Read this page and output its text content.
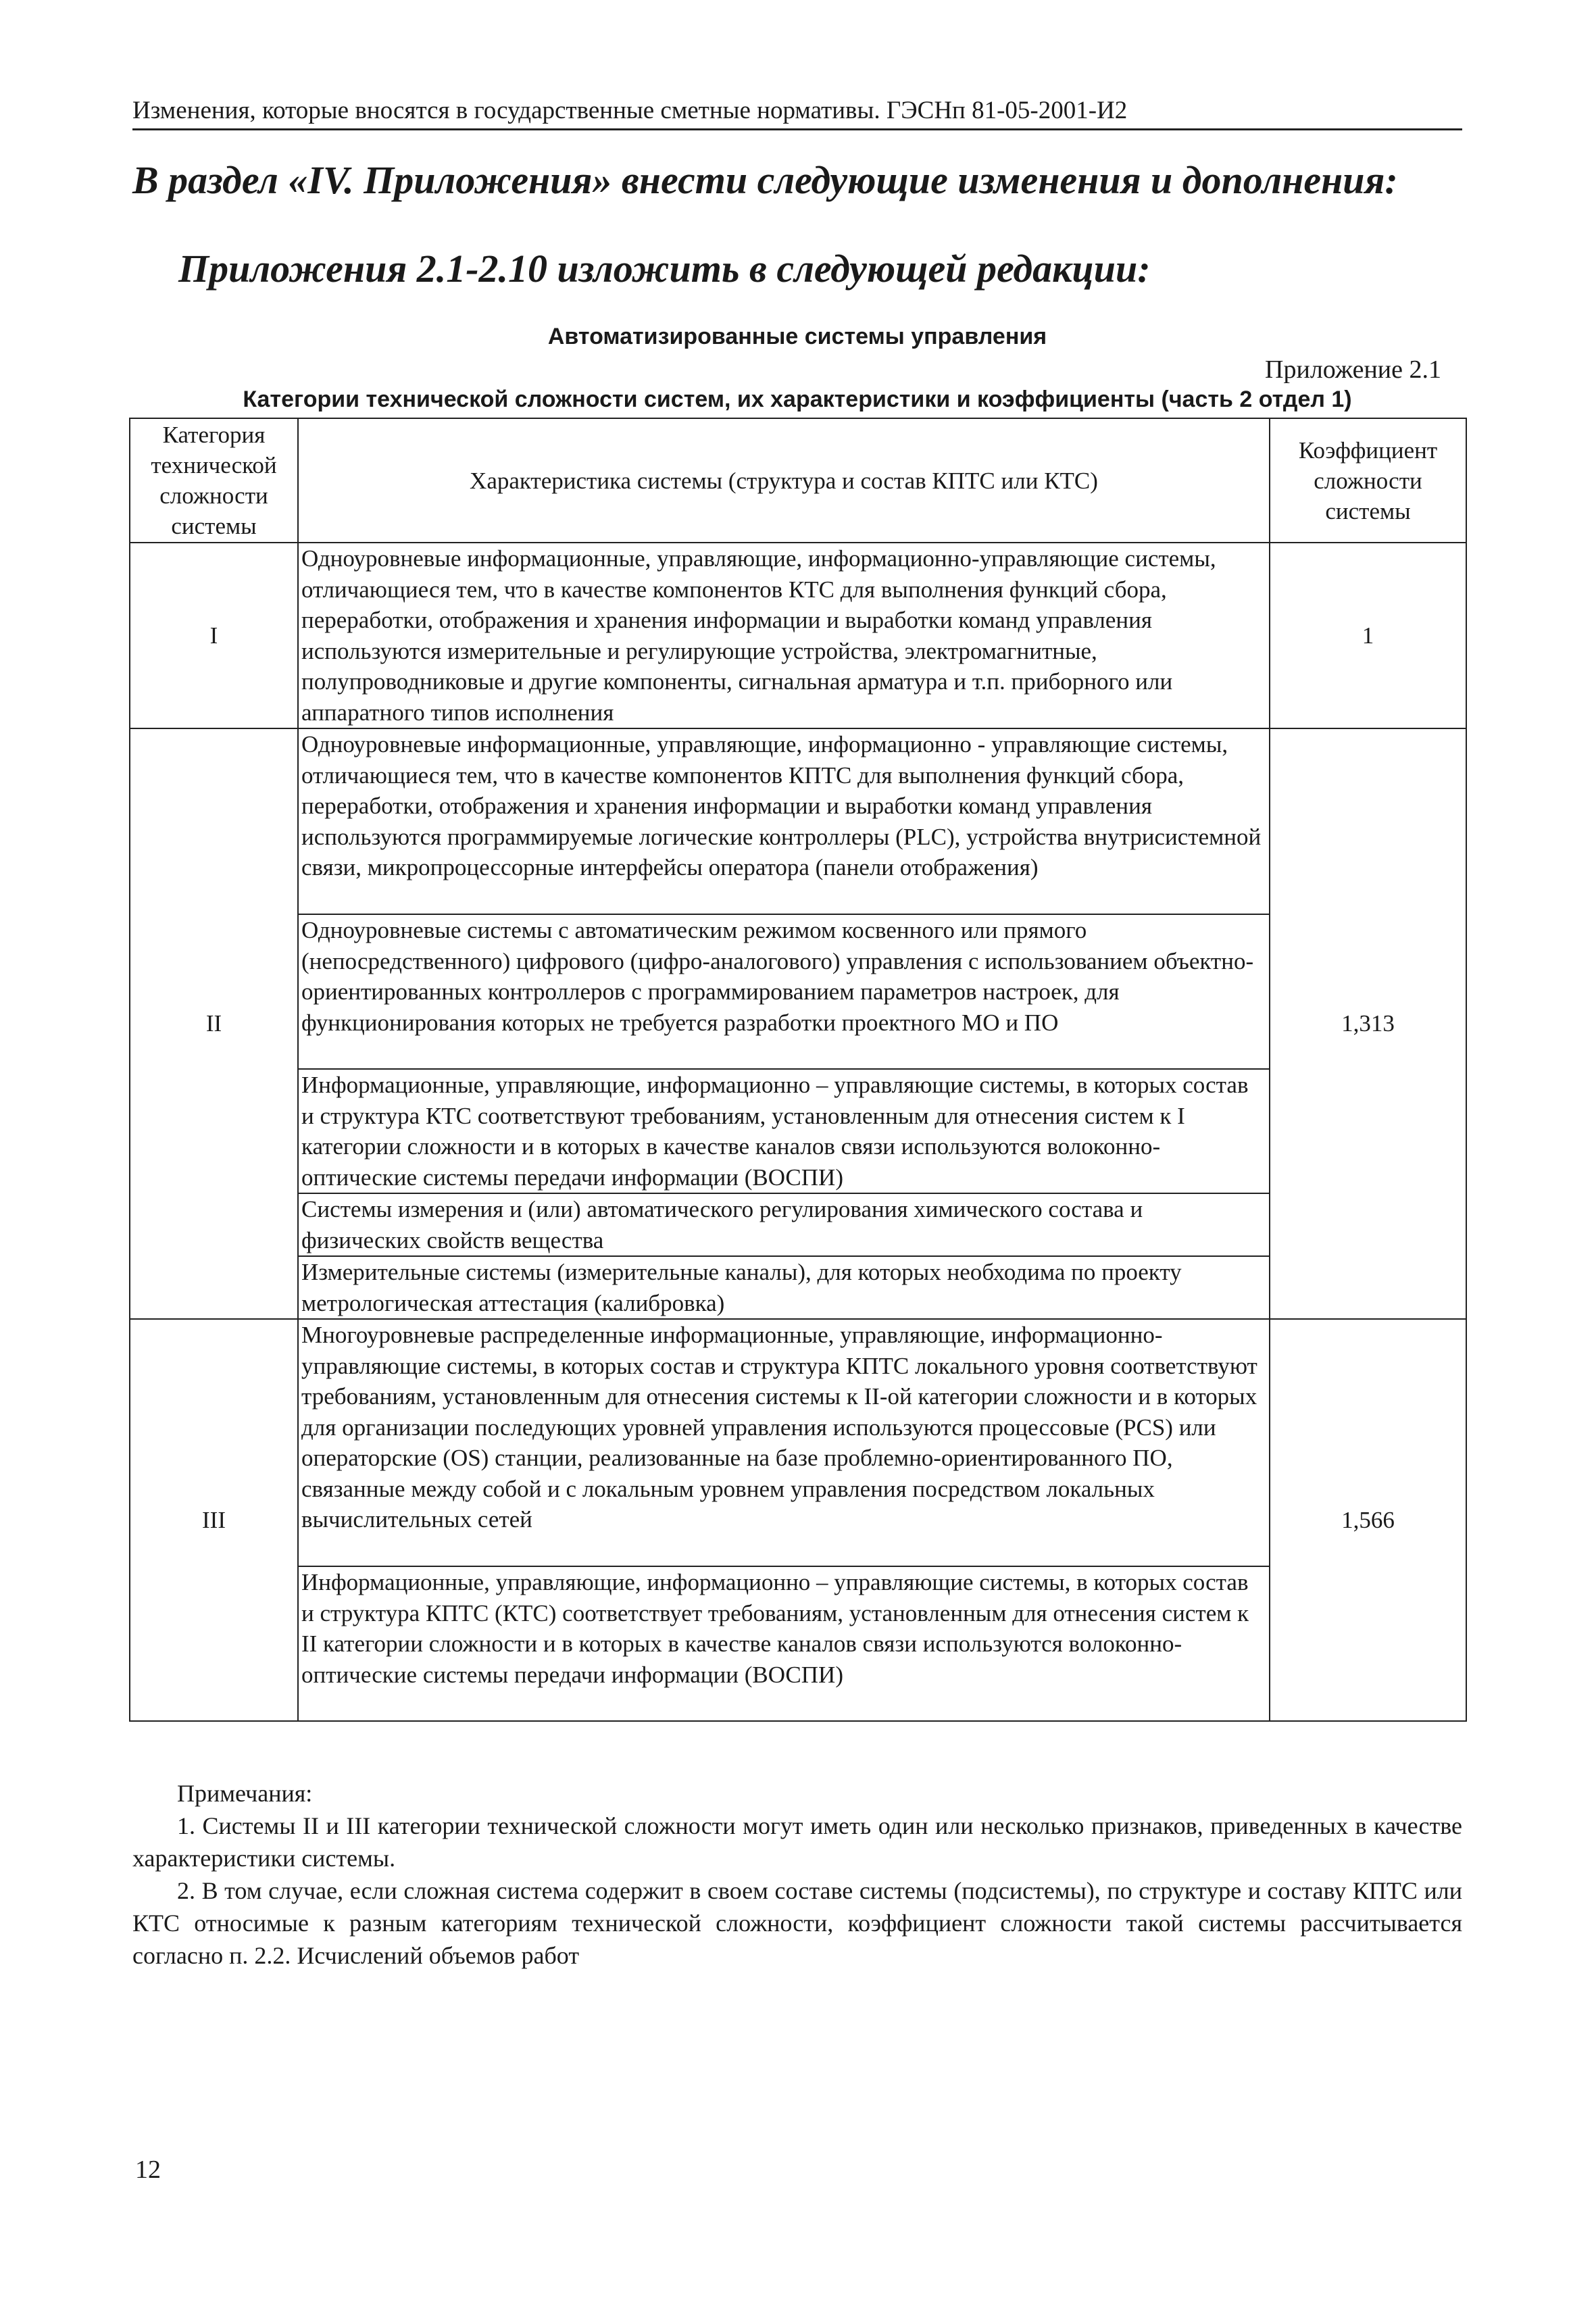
Изменения, которые вносятся в государственные сметные нормативы. ГЭСНп 81-05-2001-И2
В раздел «IV. Приложения» внести следующие изменения и дополнения:
Приложения 2.1-2.10 изложить в следующей редакции:
Автоматизированные системы управления
Приложение 2.1
Категории технической сложности систем, их характеристики и коэффициенты (часть 2 отдел 1)
Категория технической сложности системы	Характеристика системы (структура и состав КПТС или КТС)	Коэффициент сложности системы
I	Одноуровневые информационные, управляющие, информационно-управляющие системы, отличающиеся тем, что в качестве компонентов КТС для выполнения функций сбора, переработки, отображения и хранения информации и выработки команд управления используются измерительные и регулирующие устройства, электромагнитные, полупроводниковые и другие компоненты, сигнальная арматура и т.п. приборного или аппаратного типов исполнения	1
II	Одноуровневые информационные, управляющие, информационно - управляющие системы, отличающиеся тем, что в качестве компонентов КПТС для выполнения функций сбора, переработки, отображения и хранения информации и выработки команд управления используются программируемые логические контроллеры (PLC), устройства внутрисистемной связи, микропроцессорные интерфейсы оператора (панели отображения)	1,313
	Одноуровневые системы с автоматическим режимом косвенного или прямого (непосредственного) цифрового (цифро-аналогового) управления с использованием объектно-ориентированных контроллеров с программированием параметров настроек, для функционирования которых не требуется разработки проектного МО и ПО	
	Информационные, управляющие, информационно – управляющие системы, в которых состав и структура КТС соответствуют требованиям, установленным для отнесения систем к I категории сложности и в которых в качестве каналов связи используются волоконно-оптические системы передачи информации (ВОСПИ)	
	Системы измерения и (или) автоматического регулирования химического состава и физических свойств вещества	
	Измерительные системы (измерительные каналы), для которых необходима по проекту метрологическая аттестация (калибровка)	
III	Многоуровневые распределенные информационные, управляющие, информационно-управляющие системы, в которых состав и структура КПТС локального уровня соответствуют требованиям, установленным для отнесения системы к II-ой категории сложности и в которых для организации последующих уровней управления используются процессовые (PCS) или операторские (OS) станции, реализованные на базе проблемно-ориентированного ПО, связанные между собой и с локальным уровнем управления посредством локальных вычислительных сетей	1,566
	Информационные, управляющие, информационно – управляющие системы, в которых состав и структура КПТС (КТС) соответствует требованиям, установленным для отнесения систем к II категории сложности и в которых в качестве каналов связи используются волоконно-оптические системы передачи информации (ВОСПИ)	

Примечания:

1. Системы II и III категории технической сложности могут иметь один или несколько признаков, приведенных в качестве характеристики системы.

2. В том случае, если сложная система содержит в своем составе системы (подсистемы), по структуре и составу КПТС или КТС относимые к разным категориям технической сложности, коэффициент сложности такой системы рассчитывается согласно п. 2.2. Исчислений объемов работ

12
